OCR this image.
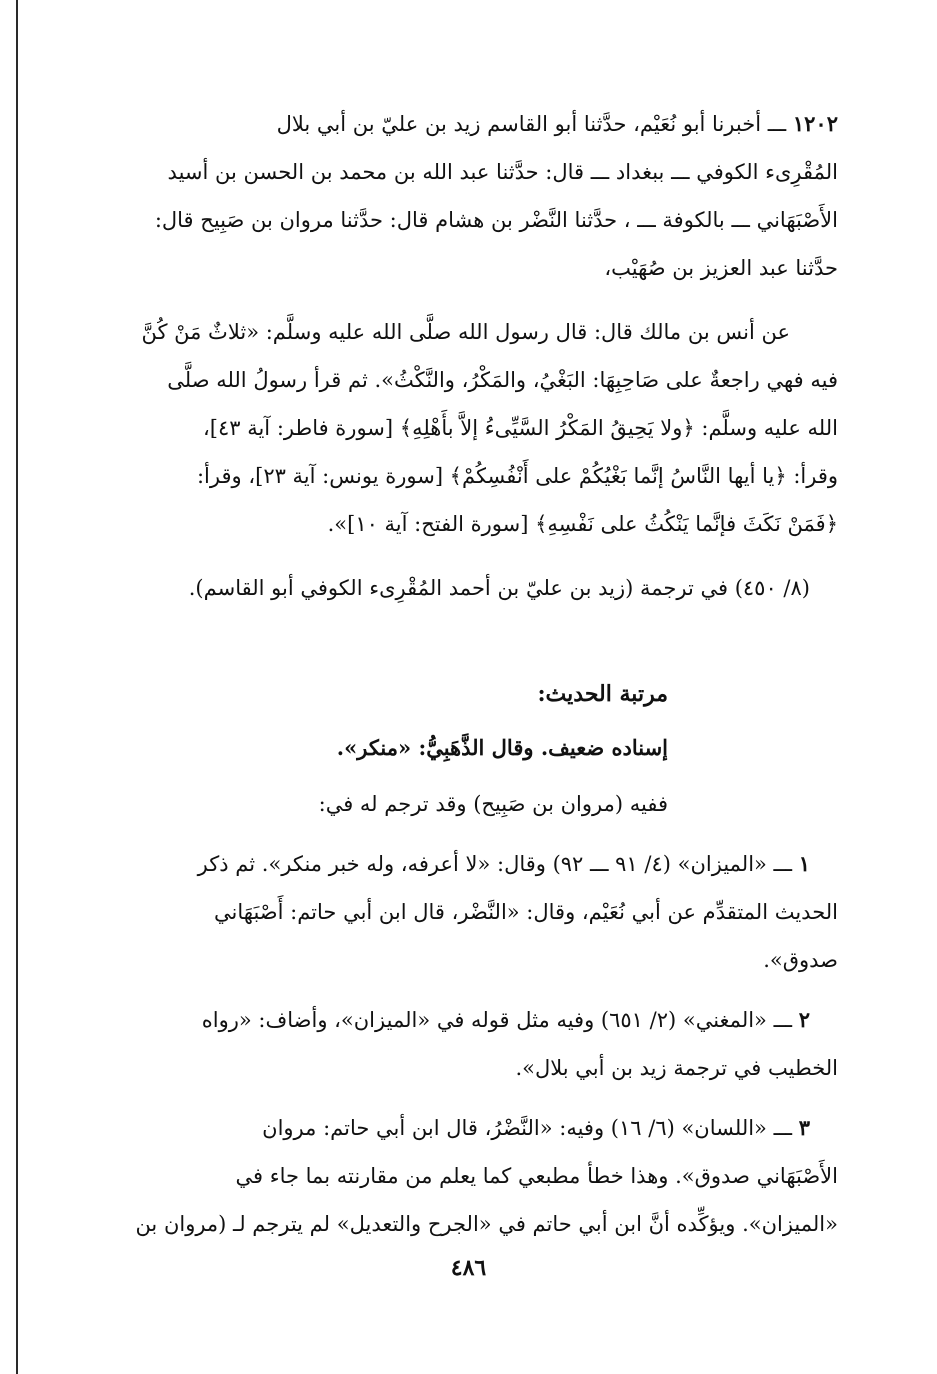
١٢٠٢ ـــ أخبرنا أبو نُعَيْم، حدَّثنا أبو القاسم زيد بن عليّ بن أبي بلال
المُقْرِىء الكوفي ـــ ببغداد ـــ قال: حدَّثنا عبد الله بن محمد بن الحسن بن أسيد
الأَصْبَهَاني ـــ بالكوفة ـــ ، حدَّثنا النَّضْر بن هشام قال: حدَّثنا مروان بن صَبِيح قال:
حدَّثنا عبد العزيز بن صُهَيْب،

عن أنس بن مالك قال: قال رسول الله صلَّى الله عليه وسلَّم: «ثلاثٌ مَنْ كُنَّ
فيه فهي راجعةٌ على صَاحِبِهَا: البَغْيُ، والمَكْرُ، والنَّكْثُ». ثم قرأ رسولُ الله صلَّى
الله عليه وسلَّم: ﴿ولا يَحِيقُ المَكْرُ السَّيِّىءُ إلاَّ بأَهْلِهِ﴾ [سورة فاطر: آية ٤٣]،
وقرأ: ﴿يا أيها النَّاسُ إنَّما بَغْيُكُمْ على أَنْفُسِكُمْ﴾ [سورة يونس: آية ٢٣]، وقرأ:
﴿فَمَنْ نَكَثَ فإنَّما يَنْكُثُ على نَفْسِهِ﴾ [سورة الفتح: آية ١٠]».

(٨/ ٤٥٠) في ترجمة (زيد بن عليّ بن أحمد المُقْرِىء الكوفي أبو القاسم).

مرتبة الحديث:

إسناده ضعيف. وقال الذَّهَبِيُّ: «منكر».

ففيه (مروان بن صَبِيح) وقد ترجم له في:

١ ـــ «الميزان» (٤/ ٩١ ـــ ٩٢) وقال: «لا أعرفه، وله خبر منكر». ثم ذكر
الحديث المتقدِّم عن أبي نُعَيْم، وقال: «النَّضْر، قال ابن أبي حاتم: أَصْبَهَاني
صدوق».

٢ ـــ «المغني» (٢/ ٦٥١) وفيه مثل قوله في «الميزان»، وأضاف: «رواه
الخطيب في ترجمة زيد بن أبي بلال».

٣ ـــ «اللسان» (٦/ ١٦) وفيه: «النَّضْرُ، قال ابن أبي حاتم: مروان
الأَصْبَهَاني صدوق». وهذا خطأ مطبعي كما يعلم من مقارنته بما جاء في
«الميزان». ويؤكِّده أنَّ ابن أبي حاتم في «الجرح والتعديل» لم يترجم لـ (مروان بن

٤٨٦
